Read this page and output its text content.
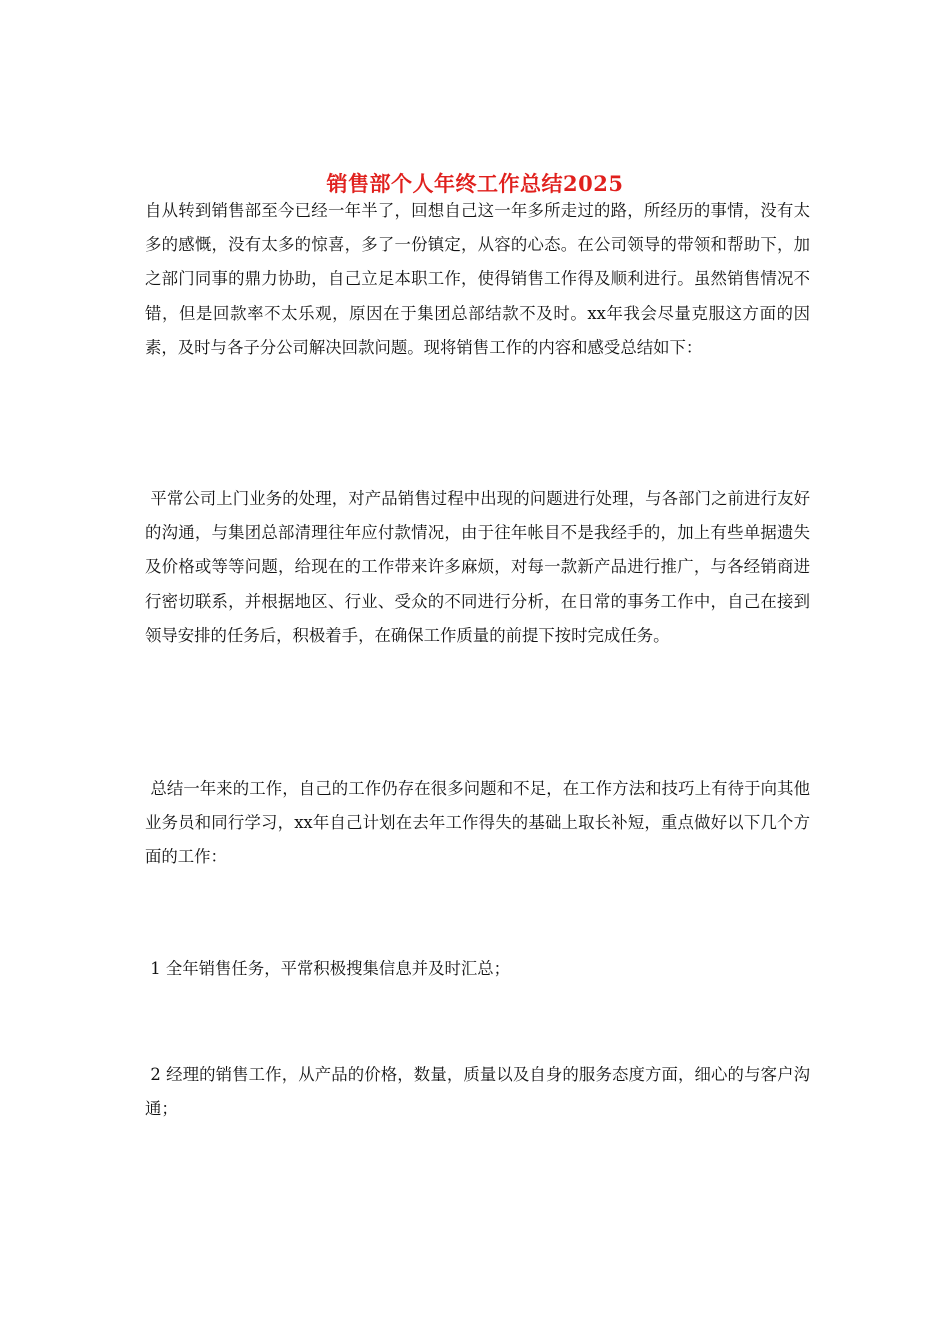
销售部个人年终工作总结2025

自从转到销售部至今已经一年半了，回想自己这一年多所走过的路，所经历的事情，没有太多的感慨，没有太多的惊喜，多了一份镇定，从容的心态。在公司领导的带领和帮助下，加之部门同事的鼎力协助，自己立足本职工作，使得销售工作得及顺利进行。虽然销售情况不错，但是回款率不太乐观，原因在于集团总部结款不及时。xx年我会尽量克服这方面的因素，及时与各子分公司解决回款问题。现将销售工作的内容和感受总结如下：

平常公司上门业务的处理，对产品销售过程中出现的问题进行处理，与各部门之前进行友好的沟通，与集团总部清理往年应付款情况，由于往年帐目不是我经手的，加上有些单据遗失及价格或等等问题，给现在的工作带来许多麻烦，对每一款新产品进行推广，与各经销商进行密切联系，并根据地区、行业、受众的不同进行分析，在日常的事务工作中，自己在接到领导安排的任务后，积极着手，在确保工作质量的前提下按时完成任务。

总结一年来的工作，自己的工作仍存在很多问题和不足，在工作方法和技巧上有待于向其他业务员和同行学习，xx年自己计划在去年工作得失的基础上取长补短，重点做好以下几个方面的工作：

1 全年销售任务，平常积极搜集信息并及时汇总；

2 经理的销售工作，从产品的价格，数量，质量以及自身的服务态度方面，细心的与客户沟通；
